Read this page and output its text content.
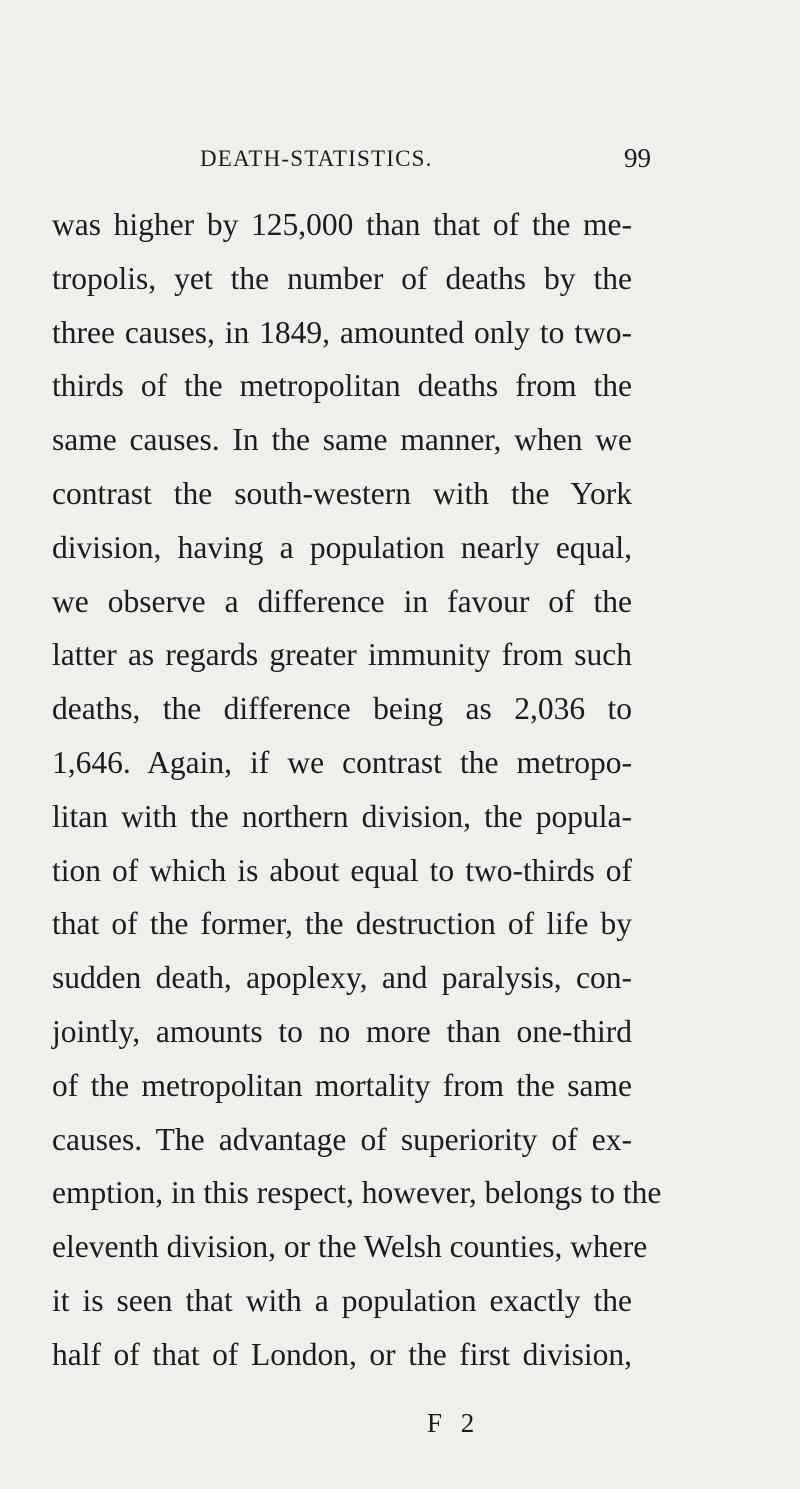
DEATH-STATISTICS.	99
was higher by 125,000 than that of the me-
tropolis, yet the number of deaths by the
three causes, in 1849, amounted only to two-
thirds of the metropolitan deaths from the
same causes. In the same manner, when we
contrast the south-western with the York
division, having a population nearly equal,
we observe a difference in favour of the
latter as regards greater immunity from such
deaths, the difference being as 2,036 to
1,646. Again, if we contrast the metropo-
litan with the northern division, the popula-
tion of which is about equal to two-thirds of
that of the former, the destruction of life by
sudden death, apoplexy, and paralysis, con-
jointly, amounts to no more than one-third
of the metropolitan mortality from the same
causes. The advantage of superiority of ex-
emption, in this respect, however, belongs to the
eleventh division, or the Welsh counties, where
it is seen that with a population exactly the
half of that of London, or the first division,
F 2
